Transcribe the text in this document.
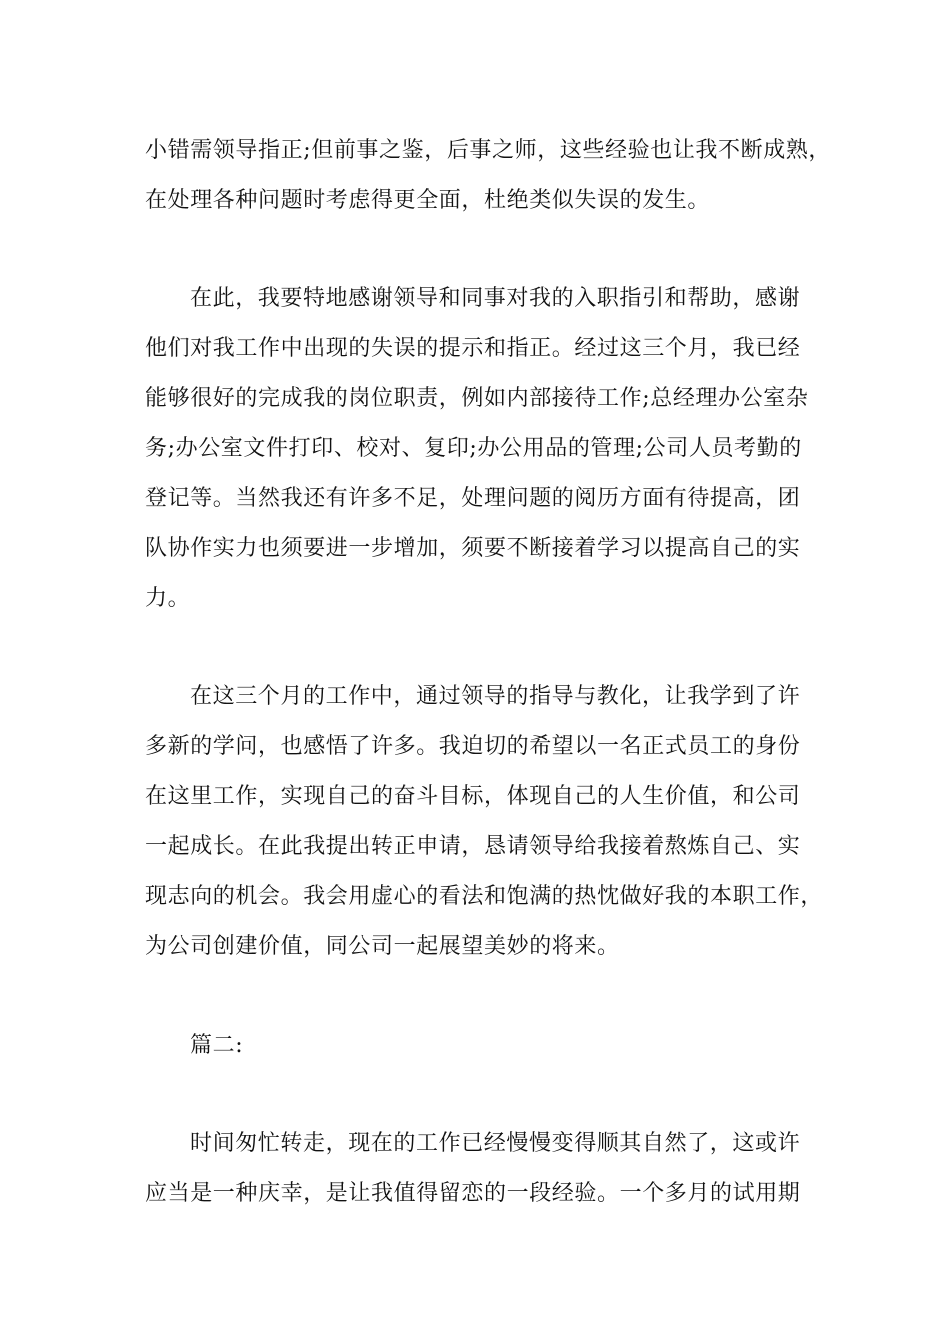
小错需领导指正;但前事之鉴，后事之师，这些经验也让我不断成熟，
在处理各种问题时考虑得更全面，杜绝类似失误的发生。
在此，我要特地感谢领导和同事对我的入职指引和帮助，感谢
他们对我工作中出现的失误的提示和指正。经过这三个月，我已经
能够很好的完成我的岗位职责，例如内部接待工作;总经理办公室杂
务;办公室文件打印、校对、复印;办公用品的管理;公司人员考勤的
登记等。当然我还有许多不足，处理问题的阅历方面有待提高，团
队协作实力也须要进一步增加，须要不断接着学习以提高自己的实
力。
在这三个月的工作中，通过领导的指导与教化，让我学到了许
多新的学问，也感悟了许多。我迫切的希望以一名正式员工的身份
在这里工作，实现自己的奋斗目标，体现自己的人生价值，和公司
一起成长。在此我提出转正申请，恳请领导给我接着熬炼自己、实
现志向的机会。我会用虚心的看法和饱满的热忱做好我的本职工作，
为公司创建价值，同公司一起展望美妙的将来。
篇二:
时间匆忙转走，现在的工作已经慢慢变得顺其自然了，这或许
应当是一种庆幸，是让我值得留恋的一段经验。一个多月的试用期
